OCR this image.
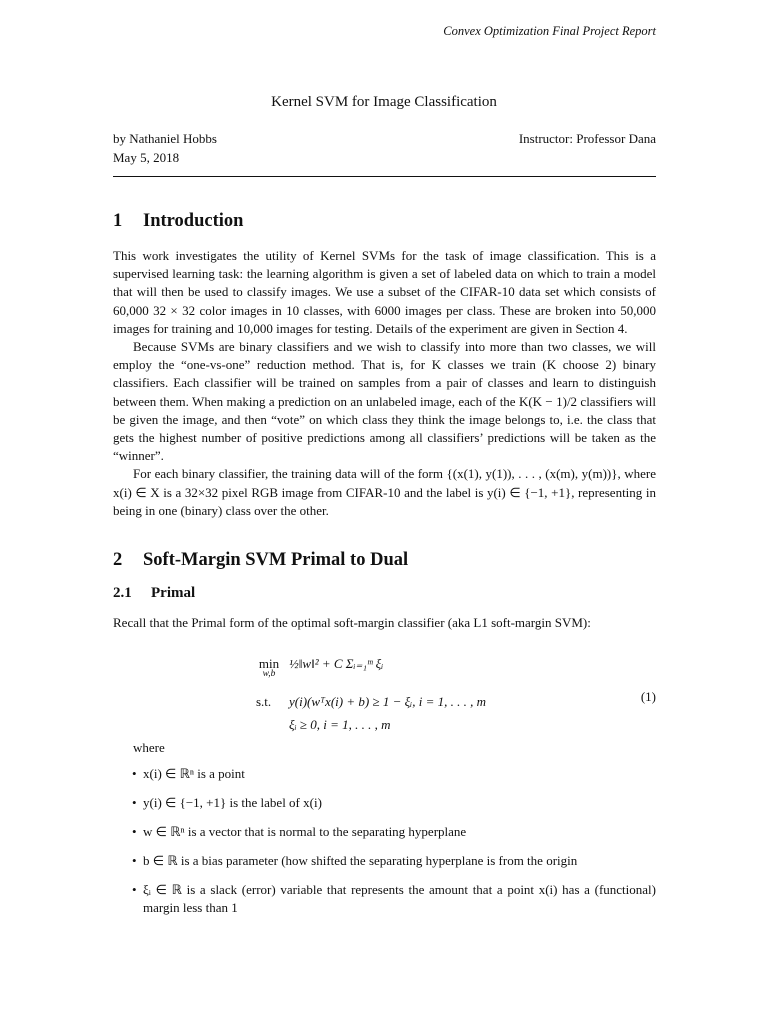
Convex Optimization Final Project Report
Kernel SVM for Image Classification
by Nathaniel Hobbs
May 5, 2018
Instructor: Professor Dana
1 Introduction

This work investigates the utility of Kernel SVMs for the task of image classification. This is a supervised learning task: the learning algorithm is given a set of labeled data on which to train a model that will then be used to classify images. We use a subset of the CIFAR-10 data set which consists of 60,000 32 × 32 color images in 10 classes, with 6000 images per class. These are broken into 50,000 images for training and 10,000 images for testing. Details of the experiment are given in Section 4.

Because SVMs are binary classifiers and we wish to classify into more than two classes, we will employ the “one-vs-one” reduction method. That is, for K classes we train (K choose 2) binary classifiers. Each classifier will be trained on samples from a pair of classes and learn to distinguish between them. When making a prediction on an unlabeled image, each of the K(K − 1)/2 classifiers will be given the image, and then “vote” on which class they think the image belongs to, i.e. the class that gets the highest number of positive predictions among all classifiers’ predictions will be taken as the “winner”.

For each binary classifier, the training data will of the form {(x(1), y(1)), . . . , (x(m), y(m))}, where x(i) ∈ X is a 32×32 pixel RGB image from CIFAR-10 and the label is y(i) ∈ {−1, +1}, representing in being in one (binary) class over the other.

2 Soft-Margin SVM Primal to Dual
2.1 Primal
Recall that the Primal form of the optimal soft-margin classifier (aka L1 soft-margin SVM):
min
w,b
½‖w‖² + C Σᵢ₌₁ᵐ ξᵢ
s.t. y(i)(wᵀx(i) + b) ≥ 1 − ξᵢ, i = 1, . . . , m
ξᵢ ≥ 0, i = 1, . . . , m
(1)
where
• x(i) ∈ ℝⁿ is a point
• y(i) ∈ {−1, +1} is the label of x(i)
• w ∈ ℝⁿ is a vector that is normal to the separating hyperplane
• b ∈ ℝ is a bias parameter (how shifted the separating hyperplane is from the origin
• ξᵢ ∈ ℝ is a slack (error) variable that represents the amount that a point x(i) has a (functional) margin less than 1
